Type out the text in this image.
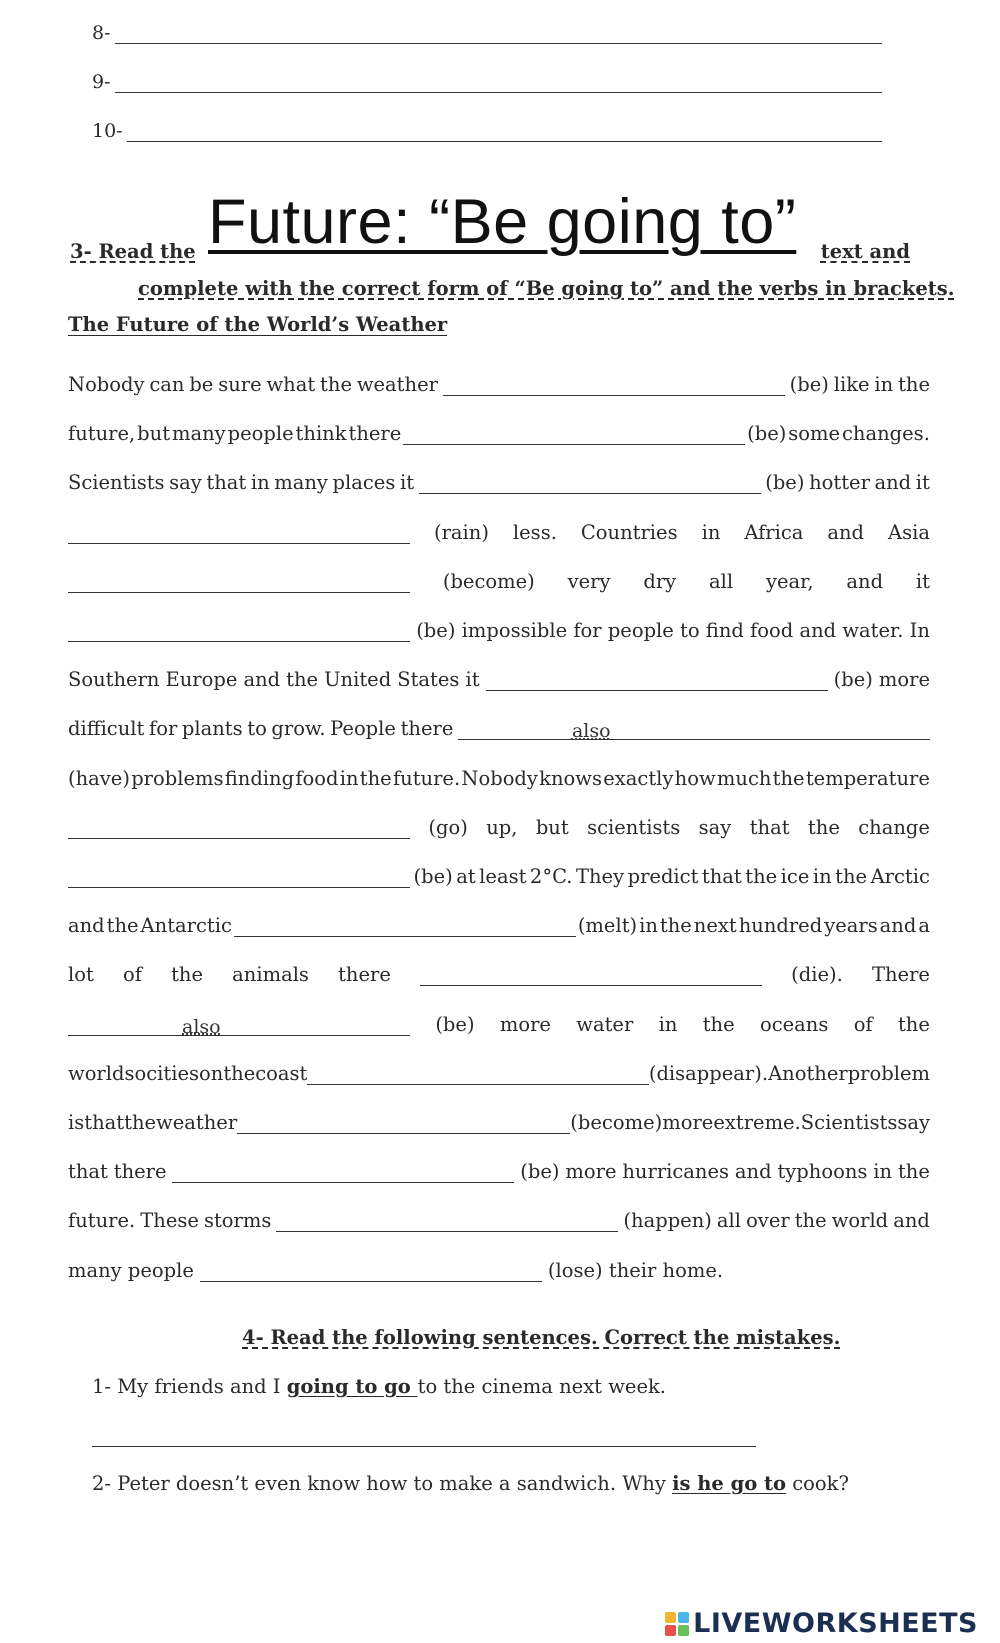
8-
9-
10-
Future: “Be going to”
3- Read the	text and
complete with the correct form of “Be going to” and the verbs in brackets.
The Future of the World’s Weather
Nobody can be sure what the weather	(be) like in the
future, but many people think there	(be) some changes.
Scientists say that in many places it	(be) hotter and it
(rain) less. Countries in Africa and Asia
(become) very dry all year, and it
(be) impossible for people to find food and water. In
Southern Europe and the United States it	(be) more
difficult for plants to grow. People there	also
(have) problems finding food in the future. Nobody knows exactly how much the temperature
(go) up, but scientists say that the change
(be) at least 2°C. They predict that the ice in the Arctic
and the Antarctic	(melt) in the next hundred years and a
lot of the animals there	(die). There
also	(be) more water in the oceans of the
world so cities on the coast	(disappear). Another problem
is that the weather	(become) more extreme. Scientists say
that there	(be) more hurricanes and typhoons in the
future. These storms	(happen) all over the world and
many people	(lose) their home.
4- Read the following sentences. Correct the mistakes.
1- My friends and I going to go to the cinema next week.
2- Peter doesn’t even know how to make a sandwich. Why is he go to cook?
LIVEWORKSHEETS
